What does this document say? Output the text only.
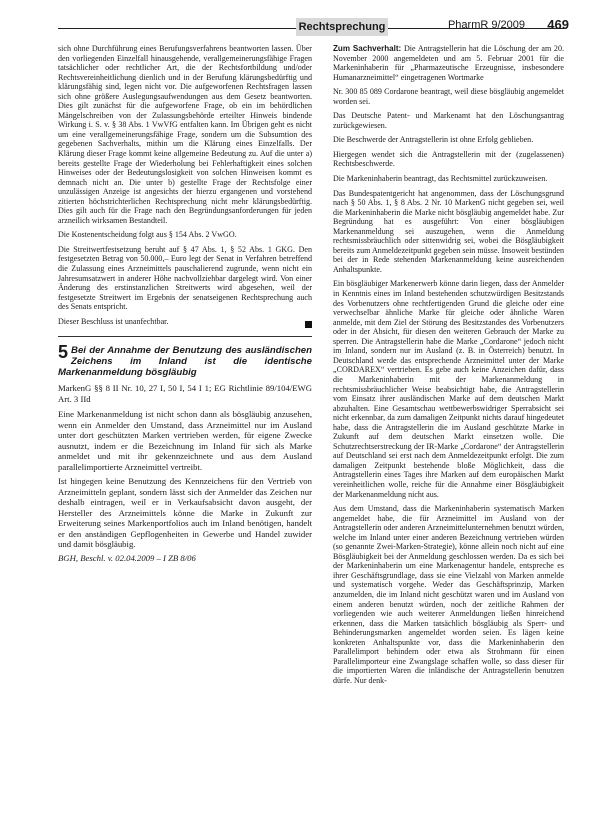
Rechtsprechung	PharmR 9/2009 469

sich ohne Durchführung eines Berufungsverfahrens beantworten lassen. Über den vorliegenden Einzelfall hinausgehende, verallgemeinerungsfähige Fragen tatsächlicher oder rechtlicher Art, die der Rechtsfortbildung und/oder Rechtsvereinheitlichung dienlich und in der Berufung klärungsbedürftig und klärungsfähig sind, legen nicht vor. Die aufgeworfenen Rechtsfragen lassen sich ohne größere Auslegungsaufwendungen aus dem Gesetz beantworten. Dies gilt zunächst für die aufgeworfene Frage, ob ein im behördlichen Mängelschreiben von der Zulassungsbehörde erteilter Hinweis bindende Wirkung i. S. v. § 38 Abs. 1 VwVfG entfalten kann. Im Übrigen geht es nicht um eine verallgemeinerungsfähige Frage, sondern um die Subsumtion des gegebenen Sachverhalts, mithin um die Klärung eines Einzelfalls. Der Klärung dieser Frage kommt keine allgemeine Bedeutung zu. Auf die unter a) bereits gestellte Frage der Wiederholung bei Fehlerhaftigkeit eines solchen Hinweises oder der Bedeutungslosigkeit von solchen Hinweisen kommt es demnach nicht an. Die unter b) gestellte Frage der Rechtsfolge einer unzulässigen Anzeige ist angesichts der hierzu ergangenen und vorstehend zitierten höchstrichterlichen Rechtsprechung nicht mehr klärungsbedürftig. Dies gilt auch für die Frage nach den Begründungsanforderungen für jeden arzneilich wirksamen Bestandteil.

Die Kostenentscheidung folgt aus § 154 Abs. 2 VwGO.

Die Streitwertfestsetzung beruht auf § 47 Abs. 1, § 52 Abs. 1 GKG. Den festgesetzten Betrag von 50.000,– Euro legt der Senat in Verfahren betreffend die Zulassung eines Arzneimittels pauschalierend zugrunde, wenn nicht ein Jahresumsatzwert in anderer Höhe nachvollziehbar dargelegt wird. Von einer Änderung des erstinstanzlichen Streitwerts wird abgesehen, weil der festgesetzte Streitwert im Ergebnis der senatseigenen Rechtsprechung auch des Senats entspricht.

Dieser Beschluss ist unanfechtbar.

5 Bei der Annahme der Benutzung des ausländischen Zeichens im Inland ist die identische Markenanmeldung bösgläubig
MarkenG §§ 8 II Nr. 10, 27 I, 50 I, 54 I 1; EG Richtlinie 89/104/EWG Art. 3 IId

Eine Markenanmeldung ist nicht schon dann als bösgläubig anzusehen, wenn ein Anmelder den Umstand, dass Arzneimittel nur im Ausland unter dort geschützten Marken vertrieben werden, für eigene Zwecke ausnutzt, indem er die Bezeichnung im Inland für sich als Marke anmeldet und mit ihr gekennzeichnete und aus dem Ausland parallelimportierte Arzneimittel vertreibt.

Ist hingegen keine Benutzung des Kennzeichens für den Vertrieb von Arzneimitteln geplant, sondern lässt sich der Anmelder das Zeichen nur deshalb eintragen, weil er in Verkaufsabsicht davon ausgeht, der Hersteller des Arzneimittels könne die Marke in Zukunft zur Erweiterung seines Markenportfolios auch im Inland benötigen, handelt er den anständigen Gepflogenheiten in Gewerbe und Handel zuwider und damit bösgläubig.

BGH, Beschl. v. 02.04.2009 – I ZB 8/06

Zum Sachverhalt: Die Antragstellerin hat die Löschung der am 20. November 2000 angemeldeten und am 5. Februar 2001 für die Markeninhaberin für „Pharmazeutische Erzeugnisse, insbesondere Humanarzneimittel“ eingetragenen Wortmarke

Nr. 300 85 089 Cordarone beantragt, weil diese bösgläubig angemeldet worden sei.

Das Deutsche Patent- und Markenamt hat den Löschungsantrag zurückgewiesen.

Die Beschwerde der Antragstellerin ist ohne Erfolg geblieben.

Hiergegen wendet sich die Antragstellerin mit der (zugelassenen) Rechtsbeschwerde.

Die Markeninhaberin beantragt, das Rechtsmittel zurückzuweisen.

Das Bundespatentgericht hat angenommen, dass der Löschungsgrund nach § 50 Abs. 1, § 8 Abs. 2 Nr. 10 MarkenG nicht gegeben sei, weil die Markeninhaberin die Marke nicht bösgläubig angemeldet habe. Zur Begründung hat es ausgeführt: Von einer bösgläubigen Markenanmeldung sei auszugehen, wenn die Anmeldung rechtsmissbräuchlich oder sittenwidrig sei, wobei die Bösgläubigkeit bereits zum Anmeldezeitpunkt gegeben sein müsse. Insoweit bestünden bei der in Rede stehenden Markenanmeldung keine ausreichenden Anhaltspunkte.

Ein bösgläubiger Markenerwerb könne darin liegen, dass der Anmelder in Kenntnis eines im Inland bestehenden schutzwürdigen Besitzstands des Vorbenutzers ohne rechtfertigenden Grund die gleiche oder eine verwechselbar ähnliche Marke für gleiche oder ähnliche Waren anmelde, mit dem Ziel der Störung des Besitzstandes des Vorbenutzers oder in der Absicht, für diesen den weiteren Gebrauch der Marke zu sperren. Die Antragstellerin habe die Marke „Cordarone“ jedoch nicht im Inland, sondern nur im Ausland (z. B. in Österreich) benutzt. In Deutschland werde das entsprechende Arzneimittel unter der Marke „CORDAREX“ vertrieben. Es gebe auch keine Anzeichen dafür, dass die Markeninhaberin mit der Markenanmeldung in rechtsmissbräuchlicher Weise beabsichtigt habe, die Antragstellerin vom Einsatz ihrer ausländischen Marke auf dem deutschen Markt abzuhalten. Eine Gesamtschau wettbewerbswidriger Sperrabsicht sei nicht erkennbar, da zum damaligen Zeitpunkt nichts darauf hingedeutet habe, dass die Antragstellerin die im Ausland geschützte Marke in Zukunft auf dem deutschen Markt einsetzen wolle. Die Schutzrechtserstreckung der IR-Marke „Cordarone“ der Antragstellerin auf Deutschland sei erst nach dem Anmeldezeitpunkt erfolgt. Die zum damaligen Zeitpunkt bestehende bloße Möglichkeit, dass die Antragstellerin eines Tages ihre Marken auf dem europäischen Markt vereinheitlichen wolle, reiche für die Annahme einer Bösgläubigkeit der Markenanmeldung nicht aus.

Aus dem Umstand, dass die Markeninhaberin systematisch Marken angemeldet habe, die für Arzneimittel im Ausland von der Antragstellerin oder anderen Arzneimittelunternehmen benutzt würden, welche im Inland unter einer anderen Bezeichnung vertrieben würden (so genannte Zwei-Marken-Strategie), könne allein noch nicht auf eine Bösgläubigkeit bei der Anmeldung geschlossen werden. Da es sich bei der Markeninhaberin um eine Markenagentur handele, entspreche es ihrer Geschäftsgrundlage, dass sie eine Vielzahl von Marken anmelde und systematisch vorgehe. Weder das Geschäftsprinzip, Marken anzumelden, die im Inland nicht geschützt waren und im Ausland von einem anderen benutzt würden, noch der zeitliche Rahmen der vorliegenden wie auch weiterer Anmeldungen ließen hinreichend erkennen, dass die Marken tatsächlich bösgläubig als Sperr- und Behinderungsmarken angemeldet worden seien. Es lägen keine konkreten Anhaltspunkte vor, dass die Markeninhaberin den Parallelimport behindern oder etwa als Strohmann für einen Parallelimporteur eine Zwangslage schaffen wolle, so dass dieser für die importierten Waren die inländische der Antragstellerin benutzen dürfe. Nur denk-
